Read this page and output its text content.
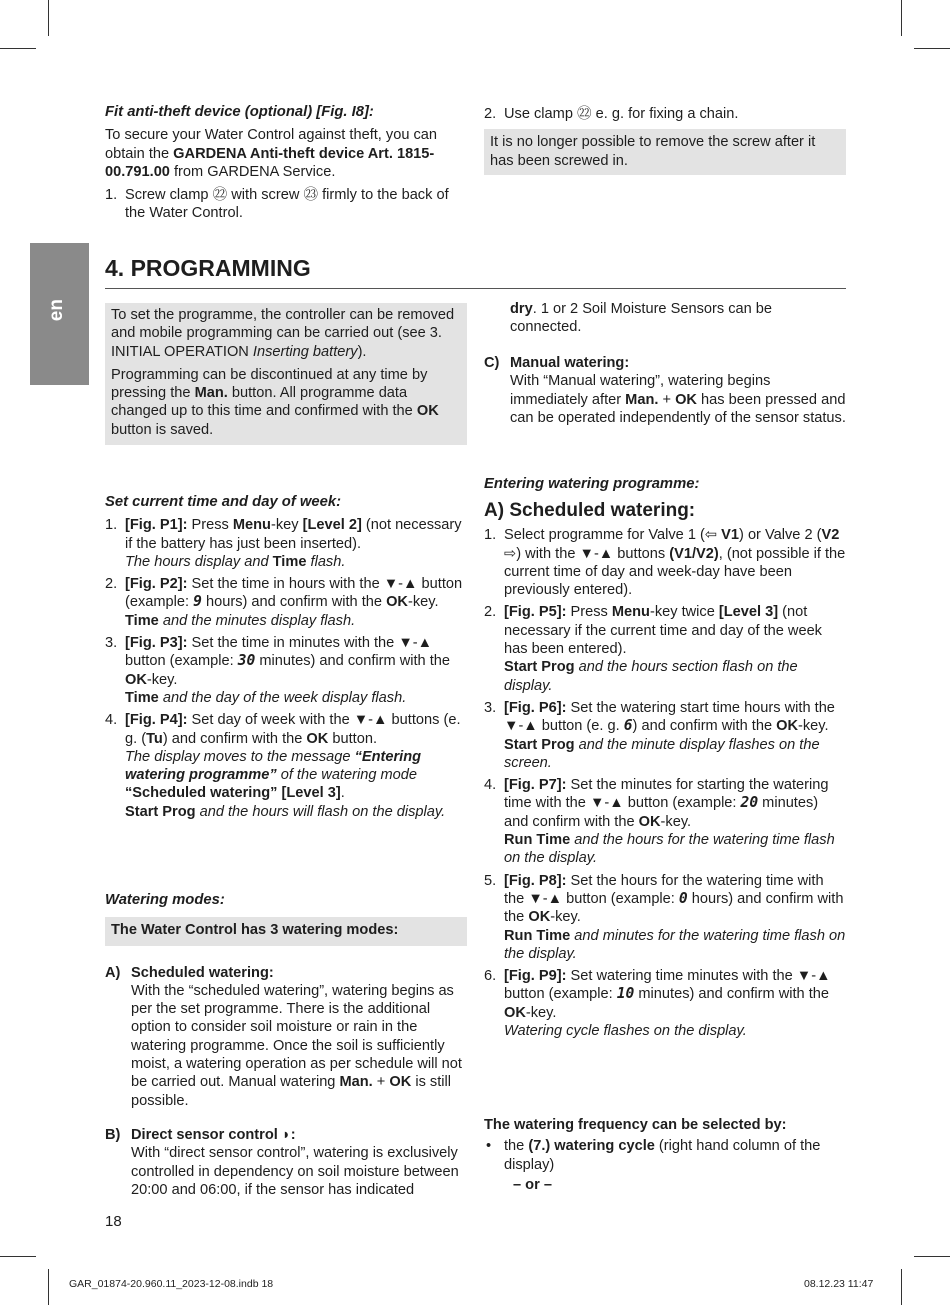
en

Fit anti-theft device (optional) [Fig. I8]:

To secure your Water Control against theft, you can obtain the GARDENA Anti-theft device Art. 1815-00.791.00 from GARDENA Service.

1. Screw clamp ㉒ with screw ㉓ firmly to the back of the Water Control.
2. Use clamp ㉒ e. g. for fixing a chain.
It is no longer possible to remove the screw after it has been screwed in.
4. PROGRAMMING

To set the programme, the controller can be removed and mobile programming can be carried out (see 3. INITIAL OPERATION Inserting battery).

Programming can be discontinued at any time by pressing the Man. button. All programme data changed up to this time and confirmed with the OK button is saved.

Set current time and day of week:

1. [Fig. P1]: Press Menu-key [Level 2] (not necessary if the battery has just been inserted).
The hours display and Time flash.
2. [Fig. P2]: Set the time in hours with the ▼-▲ button (example: 9 hours) and confirm with the OK-key.
Time and the minutes display flash.
3. [Fig. P3]: Set the time in minutes with the ▼-▲ button (example: 30 minutes) and confirm with the OK-key.
Time and the day of the week display flash.
4. [Fig. P4]: Set day of week with the ▼-▲ buttons (e. g. (Tu) and confirm with the OK button.
The display moves to the message “Entering watering programme” of the watering mode “Scheduled watering” [Level 3].
Start Prog and the hours will flash on the display.

Watering modes:

The Water Control has 3 watering modes:
A) Scheduled watering:
With the “scheduled watering”, watering begins as per the set programme. There is the additional option to consider soil moisture or rain in the watering programme. Once the soil is sufficiently moist, a watering operation as per schedule will not be carried out. Manual watering Man. + OK is still possible.
B) Direct sensor control ◗:
With “direct sensor control”, watering is exclusively controlled in dependency on soil moisture between 20:00 and 06:00, if the sensor has indicated
dry. 1 or 2 Soil Moisture Sensors can be connected.
C) Manual watering:
With “Manual watering”, watering begins immediately after Man. + OK has been pressed and can be operated independently of the sensor status.

Entering watering programme:

A) Scheduled watering:

1. Select programme for Valve 1 (⇦ V1) or Valve 2 (V2 ⇨) with the ▼-▲ buttons (V1/V2), (not possible if the current time of day and week-day have been previously entered).
2. [Fig. P5]: Press Menu-key twice [Level 3] (not necessary if the current time and day of the week has been entered).
Start Prog and the hours section flash on the display.
3. [Fig. P6]: Set the watering start time hours with the ▼-▲ button (e. g. 6) and confirm with the OK-key.
Start Prog and the minute display flashes on the screen.
4. [Fig. P7]: Set the minutes for starting the watering time with the ▼-▲ button (example: 20 minutes) and confirm with the OK-key.
Run Time and the hours for the watering time flash on the display.
5. [Fig. P8]: Set the hours for the watering time with the ▼-▲ button (example: 0 hours) and confirm with the OK-key.
Run Time and minutes for the watering time flash on the display.
6. [Fig. P9]: Set watering time minutes with the ▼-▲ button (example: 10 minutes) and confirm with the OK-key.
Watering cycle flashes on the display.

The watering frequency can be selected by:

• the (7.) watering cycle (right hand column of the display)

– or –

18
GAR_01874-20.960.11_2023-12-08.indb 18	08.12.23 11:47
